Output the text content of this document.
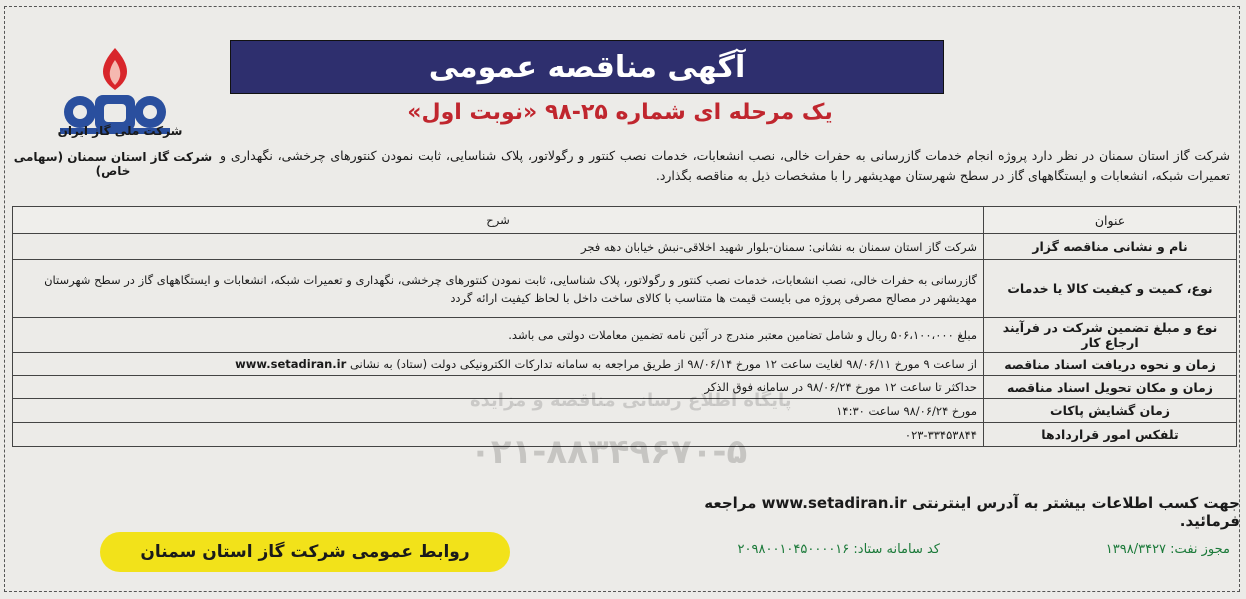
شرکت ملی گاز ایران
شرکت گاز استان سمنان (سهامی خاص)
آگهی مناقصه عمومی
یک مرحله ای شماره ۲۵-۹۸ «نوبت اول»
شرکت گاز استان سمنان در نظر دارد پروژه انجام خدمات گازرسانی به حفرات خالی، نصب انشعابات، خدمات نصب کنتور و رگولاتور، پلاک شناسایی، ثابت نمودن کنتورهای چرخشی، نگهداری و تعمیرات شبکه، انشعابات و ایستگاههای گاز در سطح شهرستان مهدیشهر را با مشخصات ذیل به مناقصه بگذارد.
عنوان	شرح
نام و نشانی مناقصه گزار	شرکت گاز استان سمنان به نشانی: سمنان-بلوار شهید اخلاقی-نبش خیابان دهه فجر
نوع، کمیت و کیفیت کالا یا خدمات	گازرسانی به حفرات خالی، نصب انشعابات، خدمات نصب کنتور و رگولاتور، پلاک شناسایی، ثابت نمودن کنتورهای چرخشی، نگهداری و تعمیرات شبکه، انشعابات و ایستگاههای گاز در سطح شهرستان مهدیشهر در مصالح مصرفی پروژه می بایست قیمت ها متناسب با کالای ساخت داخل با لحاظ کیفیت ارائه گردد
نوع و مبلغ تضمین شرکت در فرآیند ارجاع کار	مبلغ ۵۰۶،۱۰۰،۰۰۰ ریال و شامل تضامین معتبر مندرج در آئین نامه تضمین معاملات دولتی می باشد.
زمان و نحوه دریافت اسناد مناقصه	از ساعت ۹ مورخ ۹۸/۰۶/۱۱ لغایت ساعت ۱۲ مورخ ۹۸/۰۶/۱۴ از طریق مراجعه به سامانه تدارکات الکترونیکی دولت (ستاد) به نشانی www.setadiran.ir
زمان و مکان تحویل اسناد مناقصه	حداکثر تا ساعت ۱۲ مورخ ۹۸/۰۶/۲۴ در سامانه فوق الذکر
زمان گشایش پاکات	مورخ ۹۸/۰۶/۲۴ ساعت ۱۴:۳۰
تلفکس امور قراردادها	۰۲۳-۳۳۴۵۳۸۴۴
جهت کسب اطلاعات بیشتر به آدرس اینترنتی www.setadiran.ir مراجعه فرمائید.
مجوز نفت: ۱۳۹۸/۳۴۲۷
کد سامانه ستاد: ۲۰۹۸۰۰۱۰۴۵۰۰۰۰۱۶
روابط عمومی شرکت گاز استان سمنان
پایگاه اطلاع رسانی مناقصه و مزایده
۰۲۱-۸۸۳۴۹۶۷۰-۵
